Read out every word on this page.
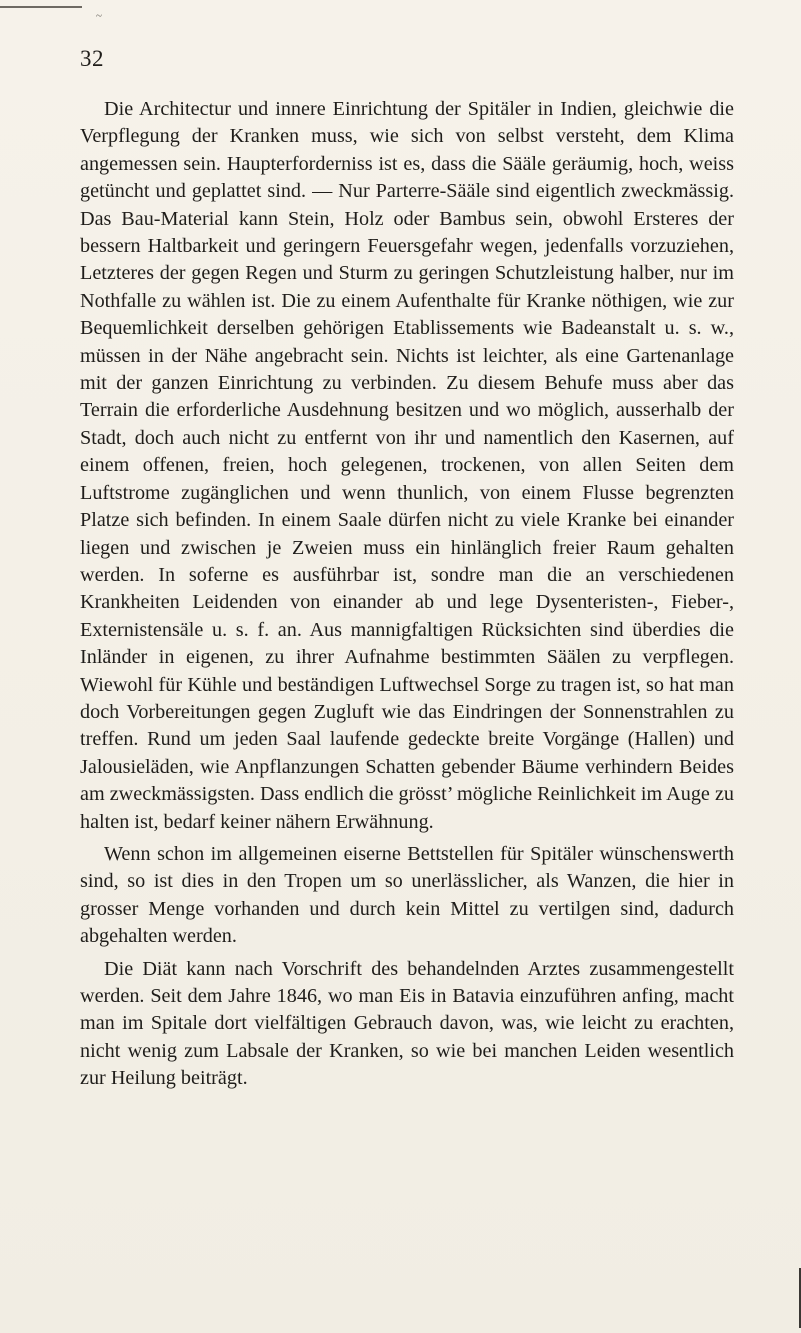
~
32

Die Architectur und innere Einrichtung der Spitäler in Indien, gleichwie die Verpflegung der Kranken muss, wie sich von selbst versteht, dem Klima angemessen sein. Haupterforderniss ist es, dass die Sääle geräumig, hoch, weiss getüncht und geplattet sind. — Nur Parterre-Sääle sind eigentlich zweckmässig. Das Bau-Material kann Stein, Holz oder Bambus sein, obwohl Ersteres der bessern Haltbarkeit und geringern Feuersgefahr wegen, jedenfalls vorzuziehen, Letzteres der gegen Regen und Sturm zu geringen Schutzleistung halber, nur im Nothfalle zu wählen ist. Die zu einem Aufenthalte für Kranke nöthigen, wie zur Bequemlichkeit derselben gehörigen Etablissements wie Badeanstalt u. s. w., müssen in der Nähe angebracht sein. Nichts ist leichter, als eine Gartenanlage mit der ganzen Einrichtung zu verbinden. Zu diesem Behufe muss aber das Terrain die erforderliche Ausdehnung besitzen und wo möglich, ausserhalb der Stadt, doch auch nicht zu entfernt von ihr und namentlich den Kasernen, auf einem offenen, freien, hoch gelegenen, trockenen, von allen Seiten dem Luftstrome zugänglichen und wenn thunlich, von einem Flusse begrenzten Platze sich befinden. In einem Saale dürfen nicht zu viele Kranke bei einander liegen und zwischen je Zweien muss ein hinlänglich freier Raum gehalten werden. In soferne es ausführbar ist, sondre man die an verschiedenen Krankheiten Leidenden von einander ab und lege Dysenteristen-, Fieber-, Externistensäle u. s. f. an. Aus mannigfaltigen Rücksichten sind überdies die Inländer in eigenen, zu ihrer Aufnahme bestimmten Säälen zu verpflegen. Wiewohl für Kühle und beständigen Luftwechsel Sorge zu tragen ist, so hat man doch Vorbereitungen gegen Zugluft wie das Eindringen der Sonnenstrahlen zu treffen. Rund um jeden Saal laufende gedeckte breite Vorgänge (Hallen) und Jalousieläden, wie Anpflanzungen Schatten gebender Bäume verhindern Beides am zweckmässigsten. Dass endlich die grösst’ mögliche Reinlichkeit im Auge zu halten ist, bedarf keiner nähern Erwähnung.

Wenn schon im allgemeinen eiserne Bettstellen für Spitäler wünschenswerth sind, so ist dies in den Tropen um so unerlässlicher, als Wanzen, die hier in grosser Menge vorhanden und durch kein Mittel zu vertilgen sind, dadurch abgehalten werden.

Die Diät kann nach Vorschrift des behandelnden Arztes zusammengestellt werden. Seit dem Jahre 1846, wo man Eis in Batavia einzuführen anfing, macht man im Spitale dort vielfältigen Gebrauch davon, was, wie leicht zu erachten, nicht wenig zum Labsale der Kranken, so wie bei manchen Leiden wesentlich zur Heilung beiträgt.
